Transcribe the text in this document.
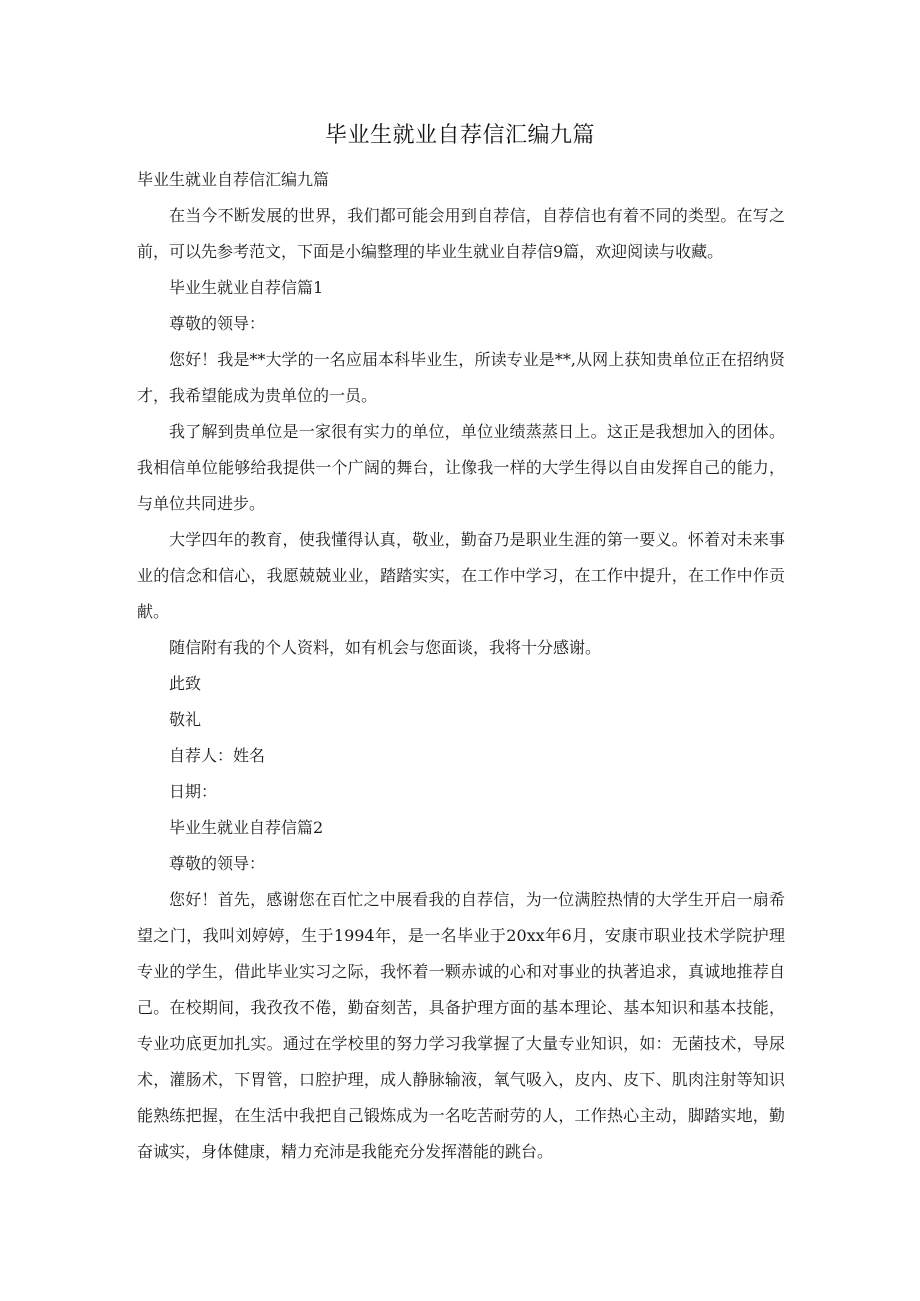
毕业生就业自荐信汇编九篇

毕业生就业自荐信汇编九篇

在当今不断发展的世界，我们都可能会用到自荐信，自荐信也有着不同的类型。在写之前，可以先参考范文，下面是小编整理的毕业生就业自荐信9篇，欢迎阅读与收藏。

毕业生就业自荐信篇1

尊敬的领导：

您好！我是**大学的一名应届本科毕业生，所读专业是**,从网上获知贵单位正在招纳贤才，我希望能成为贵单位的一员。

我了解到贵单位是一家很有实力的单位，单位业绩蒸蒸日上。这正是我想加入的团体。我相信单位能够给我提供一个广阔的舞台，让像我一样的大学生得以自由发挥自己的能力，与单位共同进步。

大学四年的教育，使我懂得认真，敬业，勤奋乃是职业生涯的第一要义。怀着对未来事业的信念和信心，我愿兢兢业业，踏踏实实，在工作中学习，在工作中提升，在工作中作贡献。

随信附有我的个人资料，如有机会与您面谈，我将十分感谢。

此致

敬礼

自荐人：姓名

日期：

毕业生就业自荐信篇2

尊敬的领导：

您好！首先，感谢您在百忙之中展看我的自荐信，为一位满腔热情的大学生开启一扇希望之门，我叫刘婷婷，生于1994年，是一名毕业于20xx年6月，安康市职业技术学院护理专业的学生，借此毕业实习之际，我怀着一颗赤诚的心和对事业的执著追求，真诚地推荐自己。在校期间，我孜孜不倦，勤奋刻苦，具备护理方面的基本理论、基本知识和基本技能，专业功底更加扎实。通过在学校里的努力学习我掌握了大量专业知识，如：无菌技术，导尿术，灌肠术，下胃管，口腔护理，成人静脉输液，氧气吸入，皮内、皮下、肌肉注射等知识能熟练把握，在生活中我把自己锻炼成为一名吃苦耐劳的人，工作热心主动，脚踏实地，勤奋诚实，身体健康，精力充沛是我能充分发挥潜能的跳台。
